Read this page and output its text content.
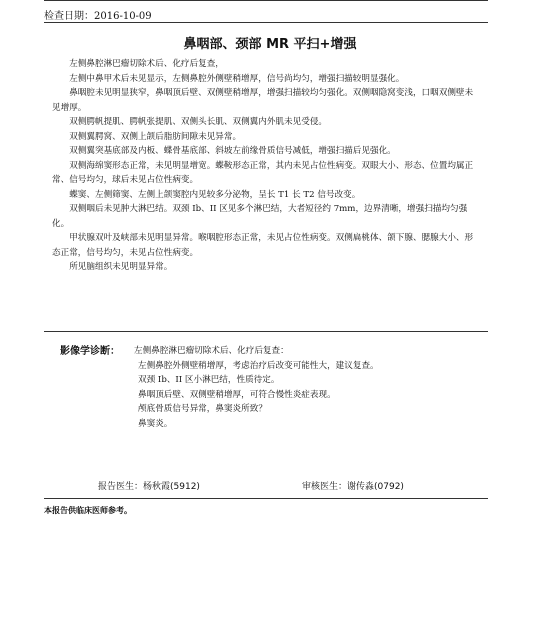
检查日期：2016-10-09
鼻咽部、颈部 MR 平扫+增强

左侧鼻腔淋巴瘤切除术后、化疗后复查，

左侧中鼻甲术后未见显示，左侧鼻腔外侧壁稍增厚，信号尚均匀，增强扫描较明显强化。

鼻咽腔未见明显狭窄，鼻咽顶后壁、双侧壁稍增厚，增强扫描较均匀强化。双侧咽隐窝变浅，口咽双侧壁未见增厚。

双侧腭帆提肌、腭帆张提肌、双侧头长肌、双侧翼内外肌未见受侵。

双侧翼腭窝、双侧上颌后脂肪间隙未见异常。

双侧翼突基底部及内板、蝶骨基底部、斜坡左前缘骨质信号减低，增强扫描后见强化。

双侧海绵窦形态正常，未见明显增宽。蝶鞍形态正常，其内未见占位性病变。双眼大小、形态、位置均属正常、信号均匀，球后未见占位性病变。

蝶窦、左侧筛窦、左侧上颌窦腔内见较多分泌物，呈长 T1 长 T2 信号改变。

双侧咽后未见肿大淋巴结。双颈 Ib、II 区见多个淋巴结，大者短径约 7mm，边界清晰，增强扫描均匀强化。

甲状腺双叶及峡部未见明显异常。喉咽腔形态正常，未见占位性病变。双侧扁桃体、颌下腺、腮腺大小、形态正常，信号均匀，未见占位性病变。

所见脑组织未见明显异常。

影像学诊断： 左侧鼻腔淋巴瘤切除术后、化疗后复查：
左侧鼻腔外侧壁稍增厚，考虑治疗后改变可能性大，建议复查。
双颈 Ib、II 区小淋巴结，性质待定。
鼻咽顶后壁、双侧壁稍增厚，可符合慢性炎症表现。
颅底骨质信号异常，鼻窦炎所致？
鼻窦炎。
报告医生：杨秋霞(5912)	审核医生：谢传淼(0792)
本报告供临床医师参考。
